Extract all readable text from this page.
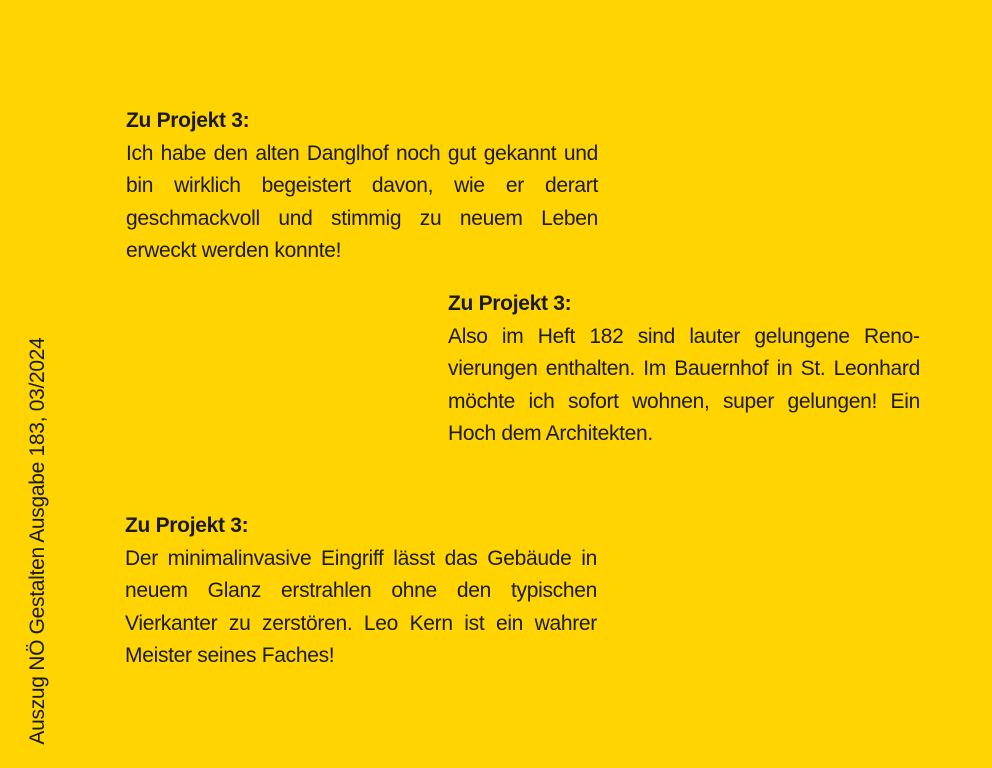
Auszug NÖ Gestalten Ausgabe 183, 03/2024

Zu Projekt 3:

Ich habe den alten Danglhof noch gut gekannt und bin wirklich begeistert davon, wie er derart geschmackvoll und stimmig zu neuem Leben erweckt werden konnte!

Zu Projekt 3:

Also im Heft 182 sind lauter gelungene Renovierungen enthalten. Im Bauernhof in St. Leonhard möchte ich sofort wohnen, super gelungen! Ein Hoch dem Architekten.

Zu Projekt 3:

Der minimalinvasive Eingriff lässt das Gebäude in neuem Glanz erstrahlen ohne den typischen Vierkanter zu zerstören. Leo Kern ist ein wahrer Meister seines Faches!
